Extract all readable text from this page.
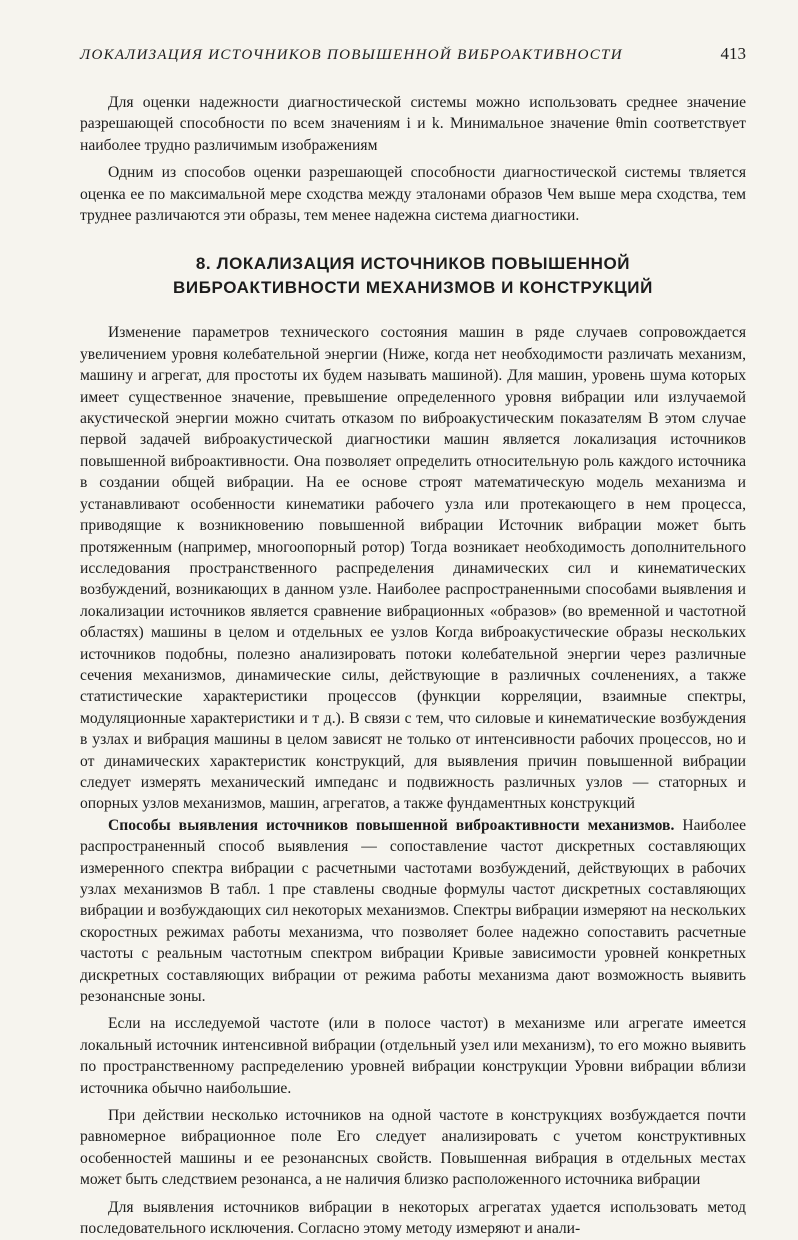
ЛОКАЛИЗАЦИЯ ИСТОЧНИКОВ ПОВЫШЕННОЙ ВИБРОАКТИВНОСТИ	413

Для оценки надежности диагностической системы можно использовать среднее значение разрешающей способности по всем значениям i и k. Минимальное значение θmin соответствует наиболее трудно различимым изображениям

Одним из способов оценки разрешающей способности диагностической системы твляется оценка ее по максимальной мере сходства между эталонами образов Чем выше мера сходства, тем труднее различаются эти образы, тем менее надежна система диагностики.

8. ЛОКАЛИЗАЦИЯ ИСТОЧНИКОВ ПОВЫШЕННОЙ
ВИБРОАКТИВНОСТИ МЕХАНИЗМОВ И КОНСТРУКЦИЙ

Изменение параметров технического состояния машин в ряде случаев сопровождается увеличением уровня колебательной энергии (Ниже, когда нет необходимости различать механизм, машину и агрегат, для простоты их будем называть машиной). Для машин, уровень шума которых имеет существенное значение, превышение определенного уровня вибрации или излучаемой акустической энергии можно считать отказом по виброакустическим показателям В этом случае первой задачей виброакустической диагностики машин является локализация источников повышенной виброактивности. Она позволяет определить относительную роль каждого источника в создании общей вибрации. На ее основе строят математическую модель механизма и устанавливают особенности кинематики рабочего узла или протекающего в нем процесса, приводящие к возникновению повышенной вибрации Источник вибрации может быть протяженным (например, многоопорный ротор) Тогда возникает необходимость дополнительного исследования пространственного распределения динамических сил и кинематических возбуждений, возникающих в данном узле. Наиболее распространенными способами выявления и локализации источников является сравнение вибрационных «образов» (во временной и частотной областях) машины в целом и отдельных ее узлов Когда виброакустические образы нескольких источников подобны, полезно анализировать потоки колебательной энергии через различные сечения механизмов, динамические силы, действующие в различных сочленениях, а также статистические характеристики процессов (функции корреляции, взаимные спектры, модуляционные характеристики и т д.). В связи с тем, что силовые и кинематические возбуждения в узлах и вибрация машины в целом зависят не только от интенсивности рабочих процессов, но и от динамических характеристик конструкций, для выявления причин повышенной вибрации следует измерять механический импеданс и подвижность различных узлов — статорных и опорных узлов механизмов, машин, агрегатов, а также фундаментных конструкций

Способы выявления источников повышенной виброактивности механизмов. Наиболее распространенный способ выявления — сопоставление частот дискретных составляющих измеренного спектра вибрации с расчетными частотами возбуждений, действующих в рабочих узлах механизмов В табл. 1 пре ставлены сводные формулы частот дискретных составляющих вибрации и возбуждающих сил некоторых механизмов. Спектры вибрации измеряют на нескольких скоростных режимах работы механизма, что позволяет более надежно сопоставить расчетные частоты с реальным частотным спектром вибрации Кривые зависимости уровней конкретных дискретных составляющих вибрации от режима работы механизма дают возможность выявить резонансные зоны.

Если на исследуемой частоте (или в полосе частот) в механизме или агрегате имеется локальный источник интенсивной вибрации (отдельный узел или механизм), то его можно выявить по пространственному распределению уровней вибрации конструкции Уровни вибрации вблизи источника обычно наибольшие.

При действии несколько источников на одной частоте в конструкциях возбуждается почти равномерное вибрационное поле Его следует анализировать с учетом конструктивных особенностей машины и ее резонансных свойств. Повышенная вибрация в отдельных местах может быть следствием резонанса, а не наличия близко расположенного источника вибрации

Для выявления источников вибрации в некоторых агрегатах удается использовать метод последовательного исключения. Согласно этому методу измеряют и анали-
